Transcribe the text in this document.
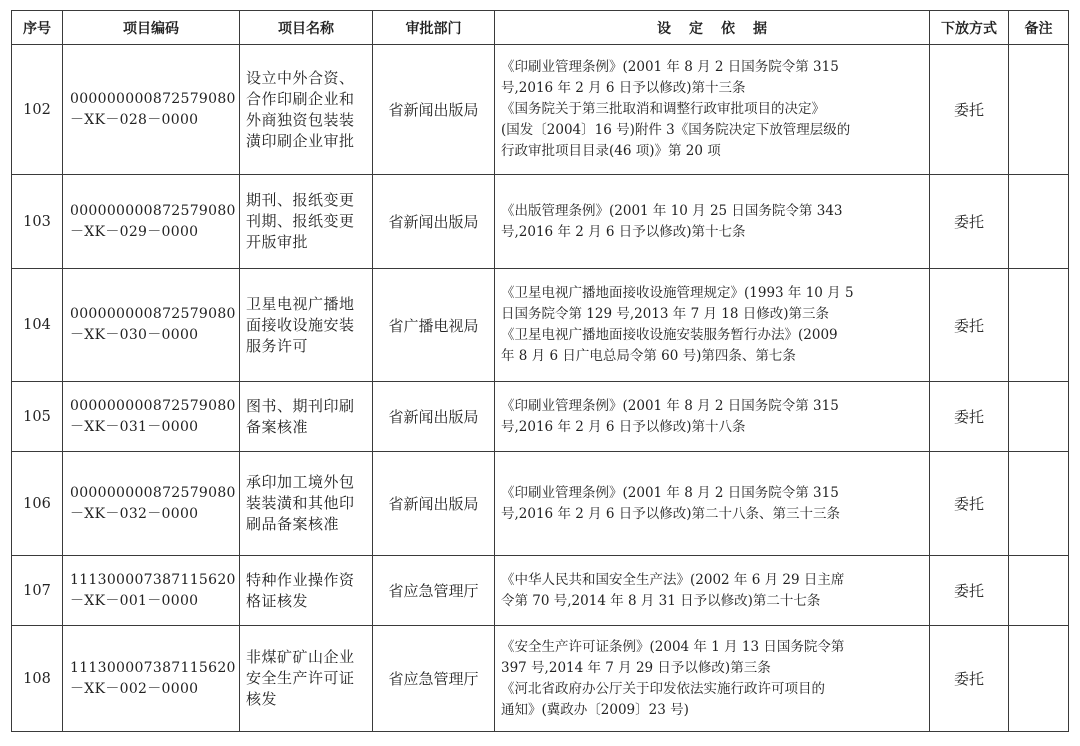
序号	项目编码	项目名称	审批部门	设定依据	下放方式	备注
102	000000000872579080
－XK－028－0000	设立中外合资、
合作印刷企业和
外商独资包装装
潢印刷企业审批	省新闻出版局	《印刷业管理条例》(2001 年 8 月 2 日国务院令第 315
号,2016 年 2 月 6 日予以修改)第十三条
《国务院关于第三批取消和调整行政审批项目的决定》
(国发〔2004〕16 号)附件 3《国务院决定下放管理层级的
行政审批项目目录(46 项)》第 20 项	委托	
103	000000000872579080
－XK－029－0000	期刊、报纸变更
刊期、报纸变更
开版审批	省新闻出版局	《出版管理条例》(2001 年 10 月 25 日国务院令第 343
号,2016 年 2 月 6 日予以修改)第十七条	委托	
104	000000000872579080
－XK－030－0000	卫星电视广播地
面接收设施安装
服务许可	省广播电视局	《卫星电视广播地面接收设施管理规定》(1993 年 10 月 5
日国务院令第 129 号,2013 年 7 月 18 日修改)第三条
《卫星电视广播地面接收设施安装服务暂行办法》(2009
年 8 月 6 日广电总局令第 60 号)第四条、第七条	委托	
105	000000000872579080
－XK－031－0000	图书、期刊印刷
备案核准	省新闻出版局	《印刷业管理条例》(2001 年 8 月 2 日国务院令第 315
号,2016 年 2 月 6 日予以修改)第十八条	委托	
106	000000000872579080
－XK－032－0000	承印加工境外包
装装潢和其他印
刷品备案核准	省新闻出版局	《印刷业管理条例》(2001 年 8 月 2 日国务院令第 315
号,2016 年 2 月 6 日予以修改)第二十八条、第三十三条	委托	
107	111300007387115620
－XK－001－0000	特种作业操作资
格证核发	省应急管理厅	《中华人民共和国安全生产法》(2002 年 6 月 29 日主席
令第 70 号,2014 年 8 月 31 日予以修改)第二十七条	委托	
108	111300007387115620
－XK－002－0000	非煤矿矿山企业
安全生产许可证
核发	省应急管理厅	《安全生产许可证条例》(2004 年 1 月 13 日国务院令第
397 号,2014 年 7 月 29 日予以修改)第三条
《河北省政府办公厅关于印发依法实施行政许可项目的
通知》(冀政办〔2009〕23 号)	委托	
